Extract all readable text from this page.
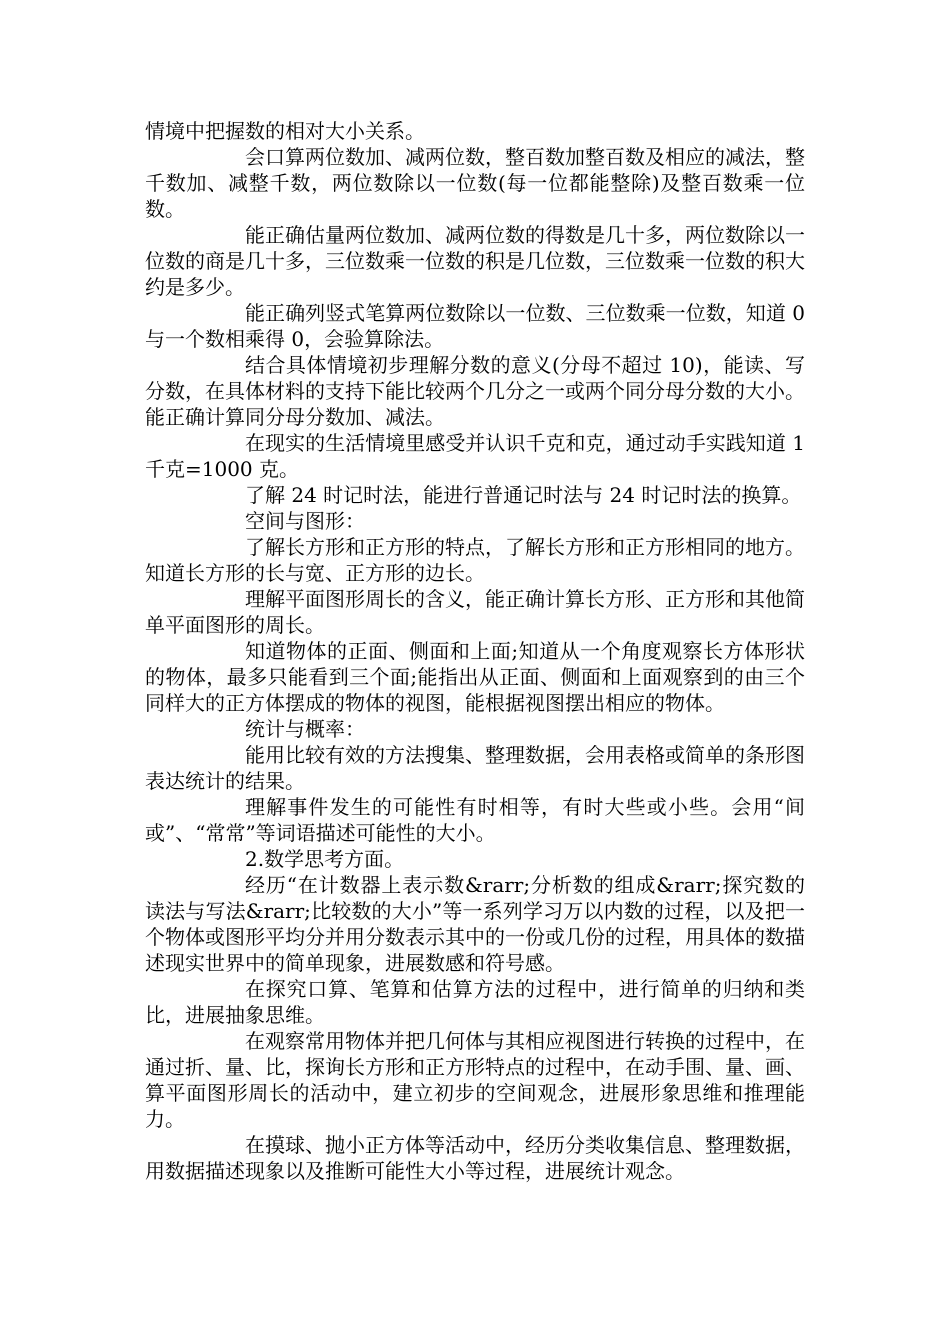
情境中把握数的相对大小关系。

会口算两位数加、减两位数，整百数加整百数及相应的减法，整千数加、减整千数，两位数除以一位数(每一位都能整除)及整百数乘一位数。

能正确估量两位数加、减两位数的得数是几十多，两位数除以一位数的商是几十多，三位数乘一位数的积是几位数，三位数乘一位数的积大约是多少。

能正确列竖式笔算两位数除以一位数、三位数乘一位数，知道 0 与一个数相乘得 0，会验算除法。

结合具体情境初步理解分数的意义(分母不超过 10)，能读、写分数，在具体材料的支持下能比较两个几分之一或两个同分母分数的大小。能正确计算同分母分数加、减法。

在现实的生活情境里感受并认识千克和克，通过动手实践知道 1 千克=1000 克。

了解 24 时记时法，能进行普通记时法与 24 时记时法的换算。

空间与图形：

了解长方形和正方形的特点，了解长方形和正方形相同的地方。知道长方形的长与宽、正方形的边长。

理解平面图形周长的含义，能正确计算长方形、正方形和其他简单平面图形的周长。

知道物体的正面、侧面和上面;知道从一个角度观察长方体形状的物体，最多只能看到三个面;能指出从正面、侧面和上面观察到的由三个同样大的正方体摆成的物体的视图，能根据视图摆出相应的物体。

统计与概率：

能用比较有效的方法搜集、整理数据，会用表格或简单的条形图表达统计的结果。

理解事件发生的可能性有时相等，有时大些或小些。会用“间或”、“常常”等词语描述可能性的大小。

2.数学思考方面。

经历“在计数器上表示数&rarr;分析数的组成&rarr;探究数的读法与写法&rarr;比较数的大小”等一系列学习万以内数的过程，以及把一个物体或图形平均分并用分数表示其中的一份或几份的过程，用具体的数描述现实世界中的简单现象，进展数感和符号感。

在探究口算、笔算和估算方法的过程中，进行简单的归纳和类比，进展抽象思维。

在观察常用物体并把几何体与其相应视图进行转换的过程中，在通过折、量、比，探询长方形和正方形特点的过程中，在动手围、量、画、算平面图形周长的活动中，建立初步的空间观念，进展形象思维和推理能力。

在摸球、抛小正方体等活动中，经历分类收集信息、整理数据，用数据描述现象以及推断可能性大小等过程，进展统计观念。
